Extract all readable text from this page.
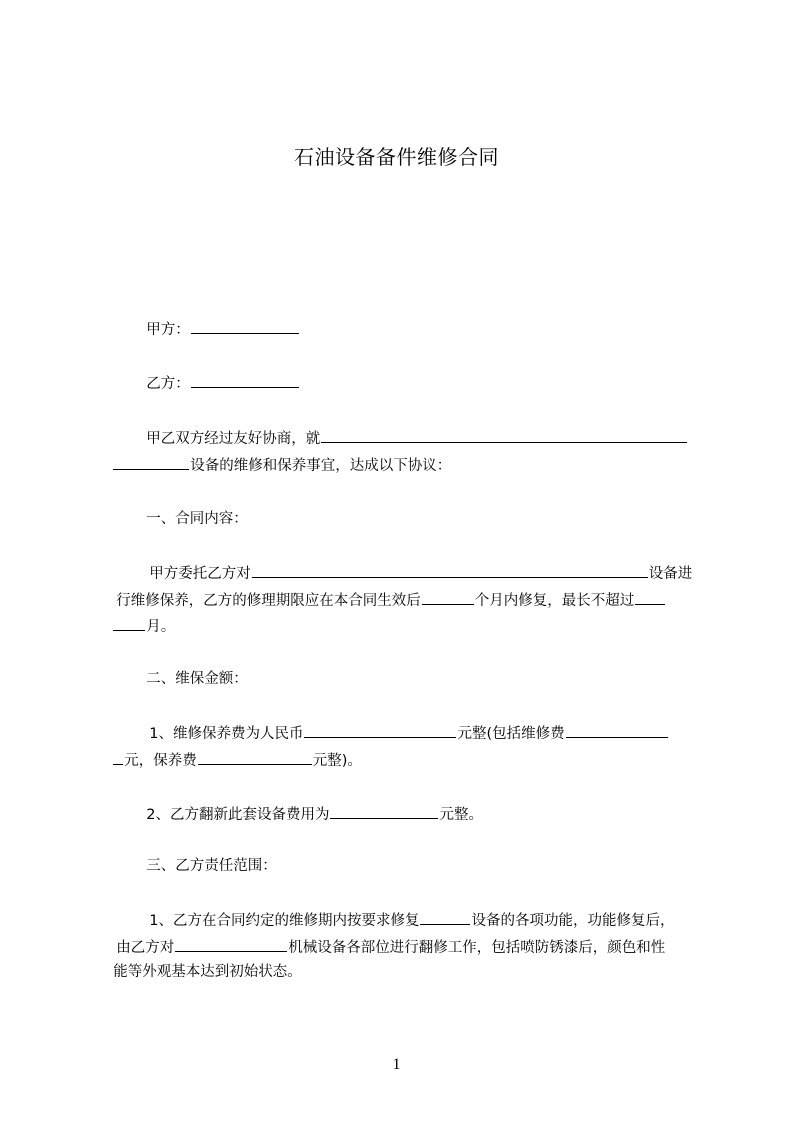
石油设备备件维修合同

甲方：

乙方：

甲乙双方经过友好协商，就

设备的维修和保养事宜，达成以下协议：

一、合同内容：

甲方委托乙方对	设备进

行维修保养，乙方的修理期限应在本合同生效后	个月内修复，最长不超过

月。

二、维保金额：

1、维修保养费为人民币	元整(包括维修费

元，保养费	元整)。

2、乙方翻新此套设备费用为	元整。

三、乙方责任范围：

1、乙方在合同约定的维修期内按要求修复	设备的各项功能，功能修复后，

由乙方对	机械设备各部位进行翻修工作，包括喷防锈漆后，颜色和性

能等外观基本达到初始状态。

1
